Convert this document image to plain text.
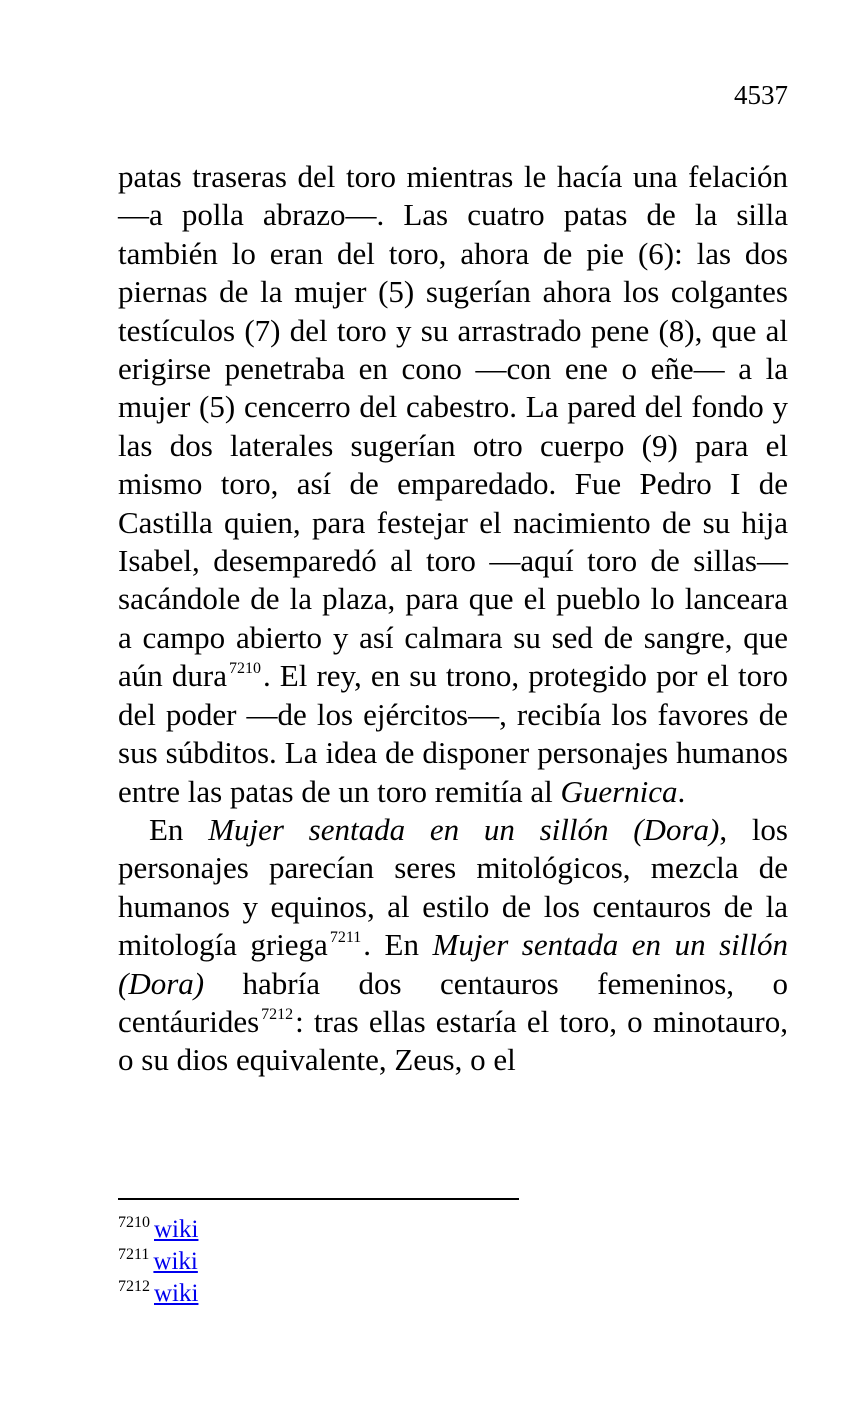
4537

patas traseras del toro mientras le hacía una felación —a polla abrazo—. Las cuatro patas de la silla también lo eran del toro, ahora de pie (6): las dos piernas de la mujer (5) sugerían ahora los colgantes testículos (7) del toro y su arrastrado pene (8), que al erigirse penetraba en cono —con ene o eñe— a la mujer (5) cencerro del cabestro. La pared del fondo y las dos laterales sugerían otro cuerpo (9) para el mismo toro, así de emparedado. Fue Pedro I de Castilla quien, para festejar el nacimiento de su hija Isabel, desemparedó al toro —aquí toro de sillas— sacándole de la plaza, para que el pueblo lo lanceara a campo abierto y así calmara su sed de sangre, que aún dura $^{7210}$. El rey, en su trono, protegido por el toro del poder —de los ejércitos—, recibía los favores de sus súbditos. La idea de disponer personajes humanos entre las patas de un toro remitía al Guernica.

En Mujer sentada en un sillón (Dora), los personajes parecían seres mitológicos, mezcla de humanos y equinos, al estilo de los centauros de la mitología griega $^{7211}$. En Mujer sentada en un sillón (Dora) habría dos centauros femeninos, o centáurides $^{7212}$: tras ellas estaría el toro, o minotauro, o su dios equivalente, Zeus, o el

$^{7210}$ wiki
$^{7211}$ wiki
$^{7212}$ wiki
